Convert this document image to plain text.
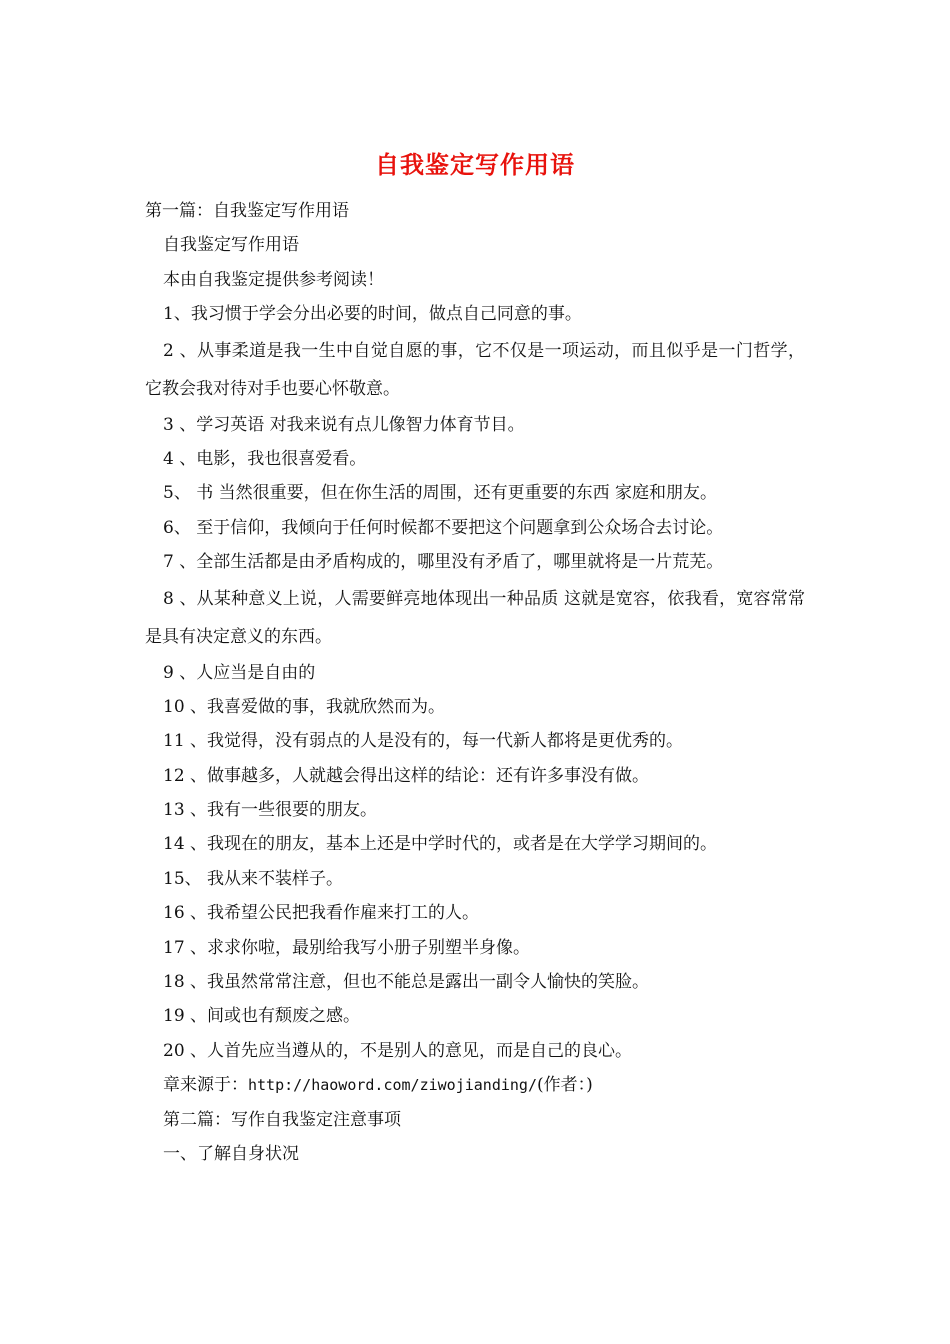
自我鉴定写作用语
第一篇：自我鉴定写作用语
自我鉴定写作用语
本由自我鉴定提供参考阅读！
1、我习惯于学会分出必要的时间，做点自己同意的事。
2 、从事柔道是我一生中自觉自愿的事，它不仅是一项运动，而且似乎是一门哲学，它教会我对待对手也要心怀敬意。
3 、学习英语 对我来说有点儿像智力体育节目。
4 、电影，我也很喜爱看。
5、 书 当然很重要，但在你生活的周围，还有更重要的东西 家庭和朋友。
6、 至于信仰，我倾向于任何时候都不要把这个问题拿到公众场合去讨论。
7 、全部生活都是由矛盾构成的，哪里没有矛盾了，哪里就将是一片荒芜。
8 、从某种意义上说，人需要鲜亮地体现出一种品质 这就是宽容，依我看，宽容常常是具有决定意义的东西。
9 、人应当是自由的
10 、我喜爱做的事，我就欣然而为。
11 、我觉得，没有弱点的人是没有的，每一代新人都将是更优秀的。
12 、做事越多，人就越会得出这样的结论：还有许多事没有做。
13 、我有一些很要的朋友。
14 、我现在的朋友，基本上还是中学时代的，或者是在大学学习期间的。
15、 我从来不装样子。
16 、我希望公民把我看作雇来打工的人。
17 、求求你啦，最别给我写小册子别塑半身像。
18 、我虽然常常注意，但也不能总是露出一副令人愉快的笑脸。
19 、间或也有颓废之感。
20 、人首先应当遵从的，不是别人的意见，而是自己的良心。
章来源于：http://haoword.com/ziwojianding/(作者：)
第二篇：写作自我鉴定注意事项
一、了解自身状况
